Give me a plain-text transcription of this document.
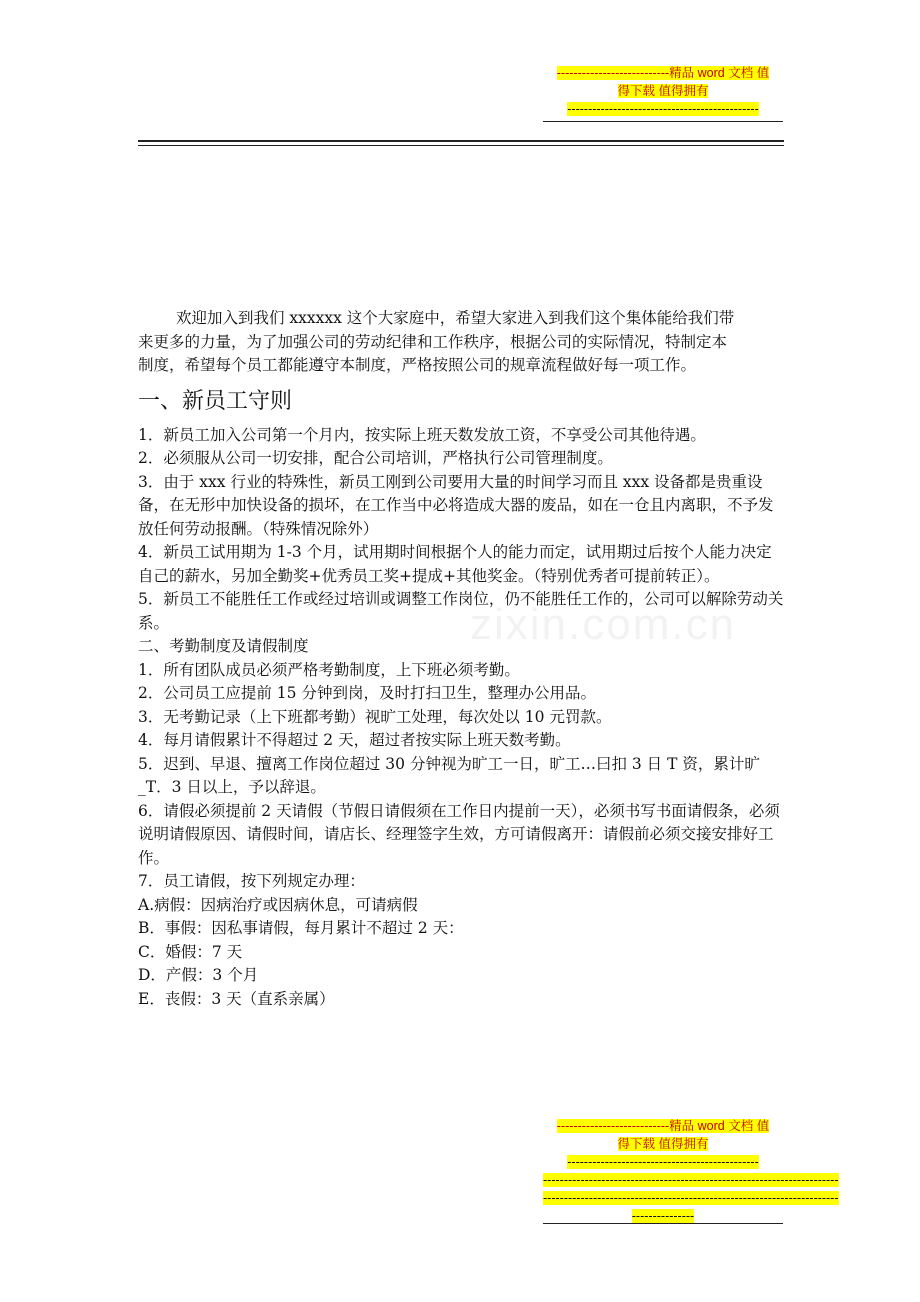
---------------------------精品 word 文档 值
得下载 值得拥有
----------------------------------------------
zixin.com.cn

欢迎加入到我们 xxxxxx 这个大家庭中，希望大家进入到我们这个集体能给我们带来更多的力量，为了加强公司的劳动纪律和工作秩序，根据公司的实际情况，特制定本制度，希望每个员工都能遵守本制度，严格按照公司的规章流程做好每一项工作。

一、新员工守则

1．新员工加入公司第一个月内，按实际上班天数发放工资，不享受公司其他待遇。

2．必须服从公司一切安排，配合公司培训，严格执行公司管理制度。

3．由于 xxx 行业的特殊性，新员工刚到公司要用大量的时间学习而且 xxx 设备都是贵重设备，在无形中加快设备的损坏，在工作当中必将造成大器的废品，如在一仓且内离职，不予发放任何劳动报酬。（特殊情况除外）

4．新员工试用期为 1-3 个月，试用期时间根据个人的能力而定，试用期过后按个人能力决定自己的薪水，另加全勤奖+优秀员工奖+提成+其他奖金。（特别优秀者可提前转正）。

5．新员工不能胜任工作或经过培训或调整工作岗位，仍不能胜任工作的，公司可以解除劳动关系。

二、考勤制度及请假制度

1．所有团队成员必须严格考勤制度，上下班必须考勤。

2．公司员工应提前 15 分钟到岗，及时打扫卫生，整理办公用品。

3．无考勤记录（上下班都考勤）视旷工处理，每次处以 10 元罚款。

4．每月请假累计不得超过 2 天，超过者按实际上班天数考勤。

5．迟到、早退、擅离工作岗位超过 30 分钟视为旷工一日，旷工…曰扣 3 日 T 资，累计旷_T．3 日以上，予以辞退。

6．请假必须提前 2 天请假（节假日请假须在工作日内提前一天），必须书写书面请假条，必须说明请假原因、请假时间，请店长、经理签字生效，方可请假离开：请假前必须交接安排好工作。

7．员工请假，按下列规定办理：

A.病假：因病治疗或因病休息，可请病假

B．事假：因私事请假，每月累计不超过 2 天：

C．婚假：7 天

D．产假：3 个月

E．丧假：3 天（直系亲属）

---------------------------精品 word 文档 值
得下载 值得拥有
----------------------------------------------
-----------------------------------------------------------------------
-----------------------------------------------------------------------
---------------
